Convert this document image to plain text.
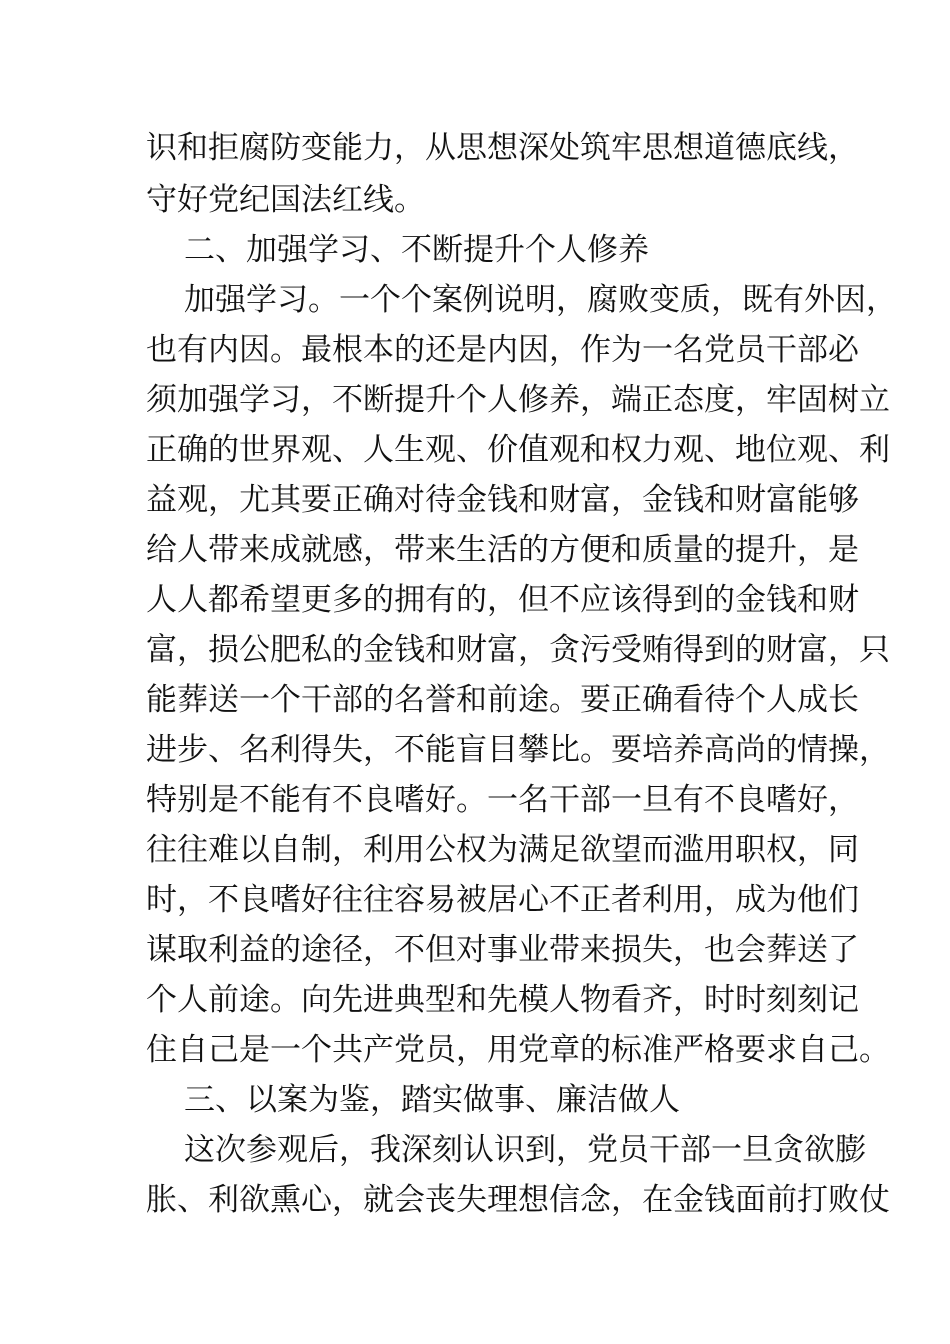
识和拒腐防变能力，从思想深处筑牢思想道德底线，
守好党纪国法红线。
二、加强学习、不断提升个人修养
加强学习。一个个案例说明，腐败变质，既有外因，
也有内因。最根本的还是内因，作为一名党员干部必
须加强学习，不断提升个人修养，端正态度，牢固树立
正确的世界观、人生观、价值观和权力观、地位观、利
益观，尤其要正确对待金钱和财富，金钱和财富能够
给人带来成就感，带来生活的方便和质量的提升，是
人人都希望更多的拥有的，但不应该得到的金钱和财
富，损公肥私的金钱和财富，贪污受贿得到的财富，只
能葬送一个干部的名誉和前途。要正确看待个人成长
进步、名利得失，不能盲目攀比。要培养高尚的情操，
特别是不能有不良嗜好。一名干部一旦有不良嗜好，
往往难以自制，利用公权为满足欲望而滥用职权，同
时，不良嗜好往往容易被居心不正者利用，成为他们
谋取利益的途径，不但对事业带来损失，也会葬送了
个人前途。向先进典型和先模人物看齐，时时刻刻记
住自己是一个共产党员，用党章的标准严格要求自己。
三、以案为鉴，踏实做事、廉洁做人
这次参观后，我深刻认识到，党员干部一旦贪欲膨
胀、利欲熏心，就会丧失理想信念，在金钱面前打败仗
